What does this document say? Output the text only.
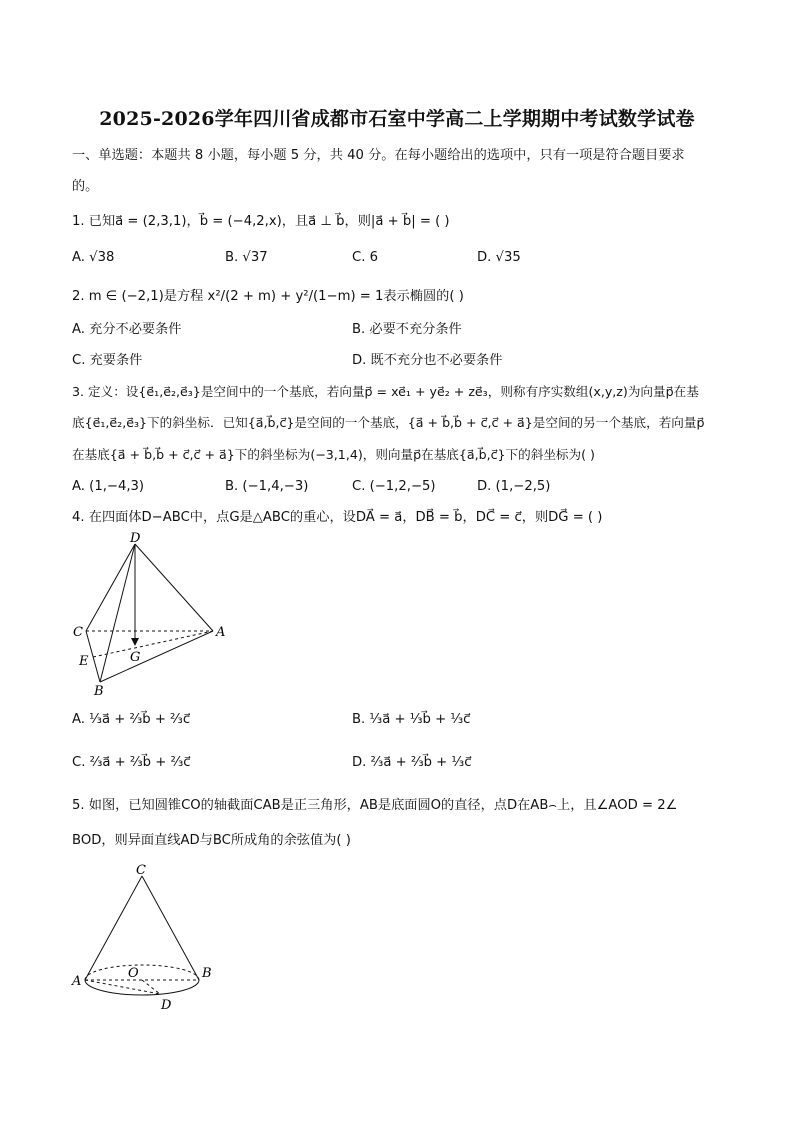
2025-2026学年四川省成都市石室中学高二上学期期中考试数学试卷
一、单选题：本题共 8 小题，每小题 5 分，共 40 分。在每小题给出的选项中，只有一项是符合题目要求
的。
1. 已知a⃗ = (2,3,1)，b⃗ = (−4,2,x)，且a⃗ ⊥ b⃗，则|a⃗ + b⃗| = ( )
A. √38	B. √37	C. 6	D. √35
2. m ∈ (−2,1)是方程 x²/(2 + m) + y²/(1−m) = 1表示椭圆的( )
A. 充分不必要条件	B. 必要不充分条件
C. 充要条件	D. 既不充分也不必要条件
3. 定义：设{e⃗₁,e⃗₂,e⃗₃}是空间中的一个基底，若向量p⃗ = xe⃗₁ + ye⃗₂ + ze⃗₃，则称有序实数组(x,y,z)为向量p⃗在基
底{e⃗₁,e⃗₂,e⃗₃}下的斜坐标．已知{a⃗,b⃗,c⃗}是空间的一个基底，{a⃗ + b⃗,b⃗ + c⃗,c⃗ + a⃗}是空间的另一个基底，若向量p⃗
在基底{a⃗ + b⃗,b⃗ + c⃗,c⃗ + a⃗}下的斜坐标为(−3,1,4)，则向量p⃗在基底{a⃗,b⃗,c⃗}下的斜坐标为( )
A. (1,−4,3)	B. (−1,4,−3)	C. (−1,2,−5)	D. (1,−2,5)
4. 在四面体D−ABC中，点G是△ABC的重心，设DA⃗ = a⃗，DB⃗ = b⃗，DC⃗ = c⃗，则DG⃗ = ( )
D
C	A
E	G
B
A. ⅓a⃗ + ⅔b⃗ + ⅔c⃗	B. ⅓a⃗ + ⅓b⃗ + ⅓c⃗
C. ⅔a⃗ + ⅔b⃗ + ⅔c⃗	D. ⅔a⃗ + ⅔b⃗ + ⅓c⃗
5. 如图，已知圆锥CO的轴截面CAB是正三角形，AB是底面圆O的直径，点D在AB⌢上，且∠AOD = 2∠
BOD，则异面直线AD与BC所成角的余弦值为( )
C
A
O	B
D
